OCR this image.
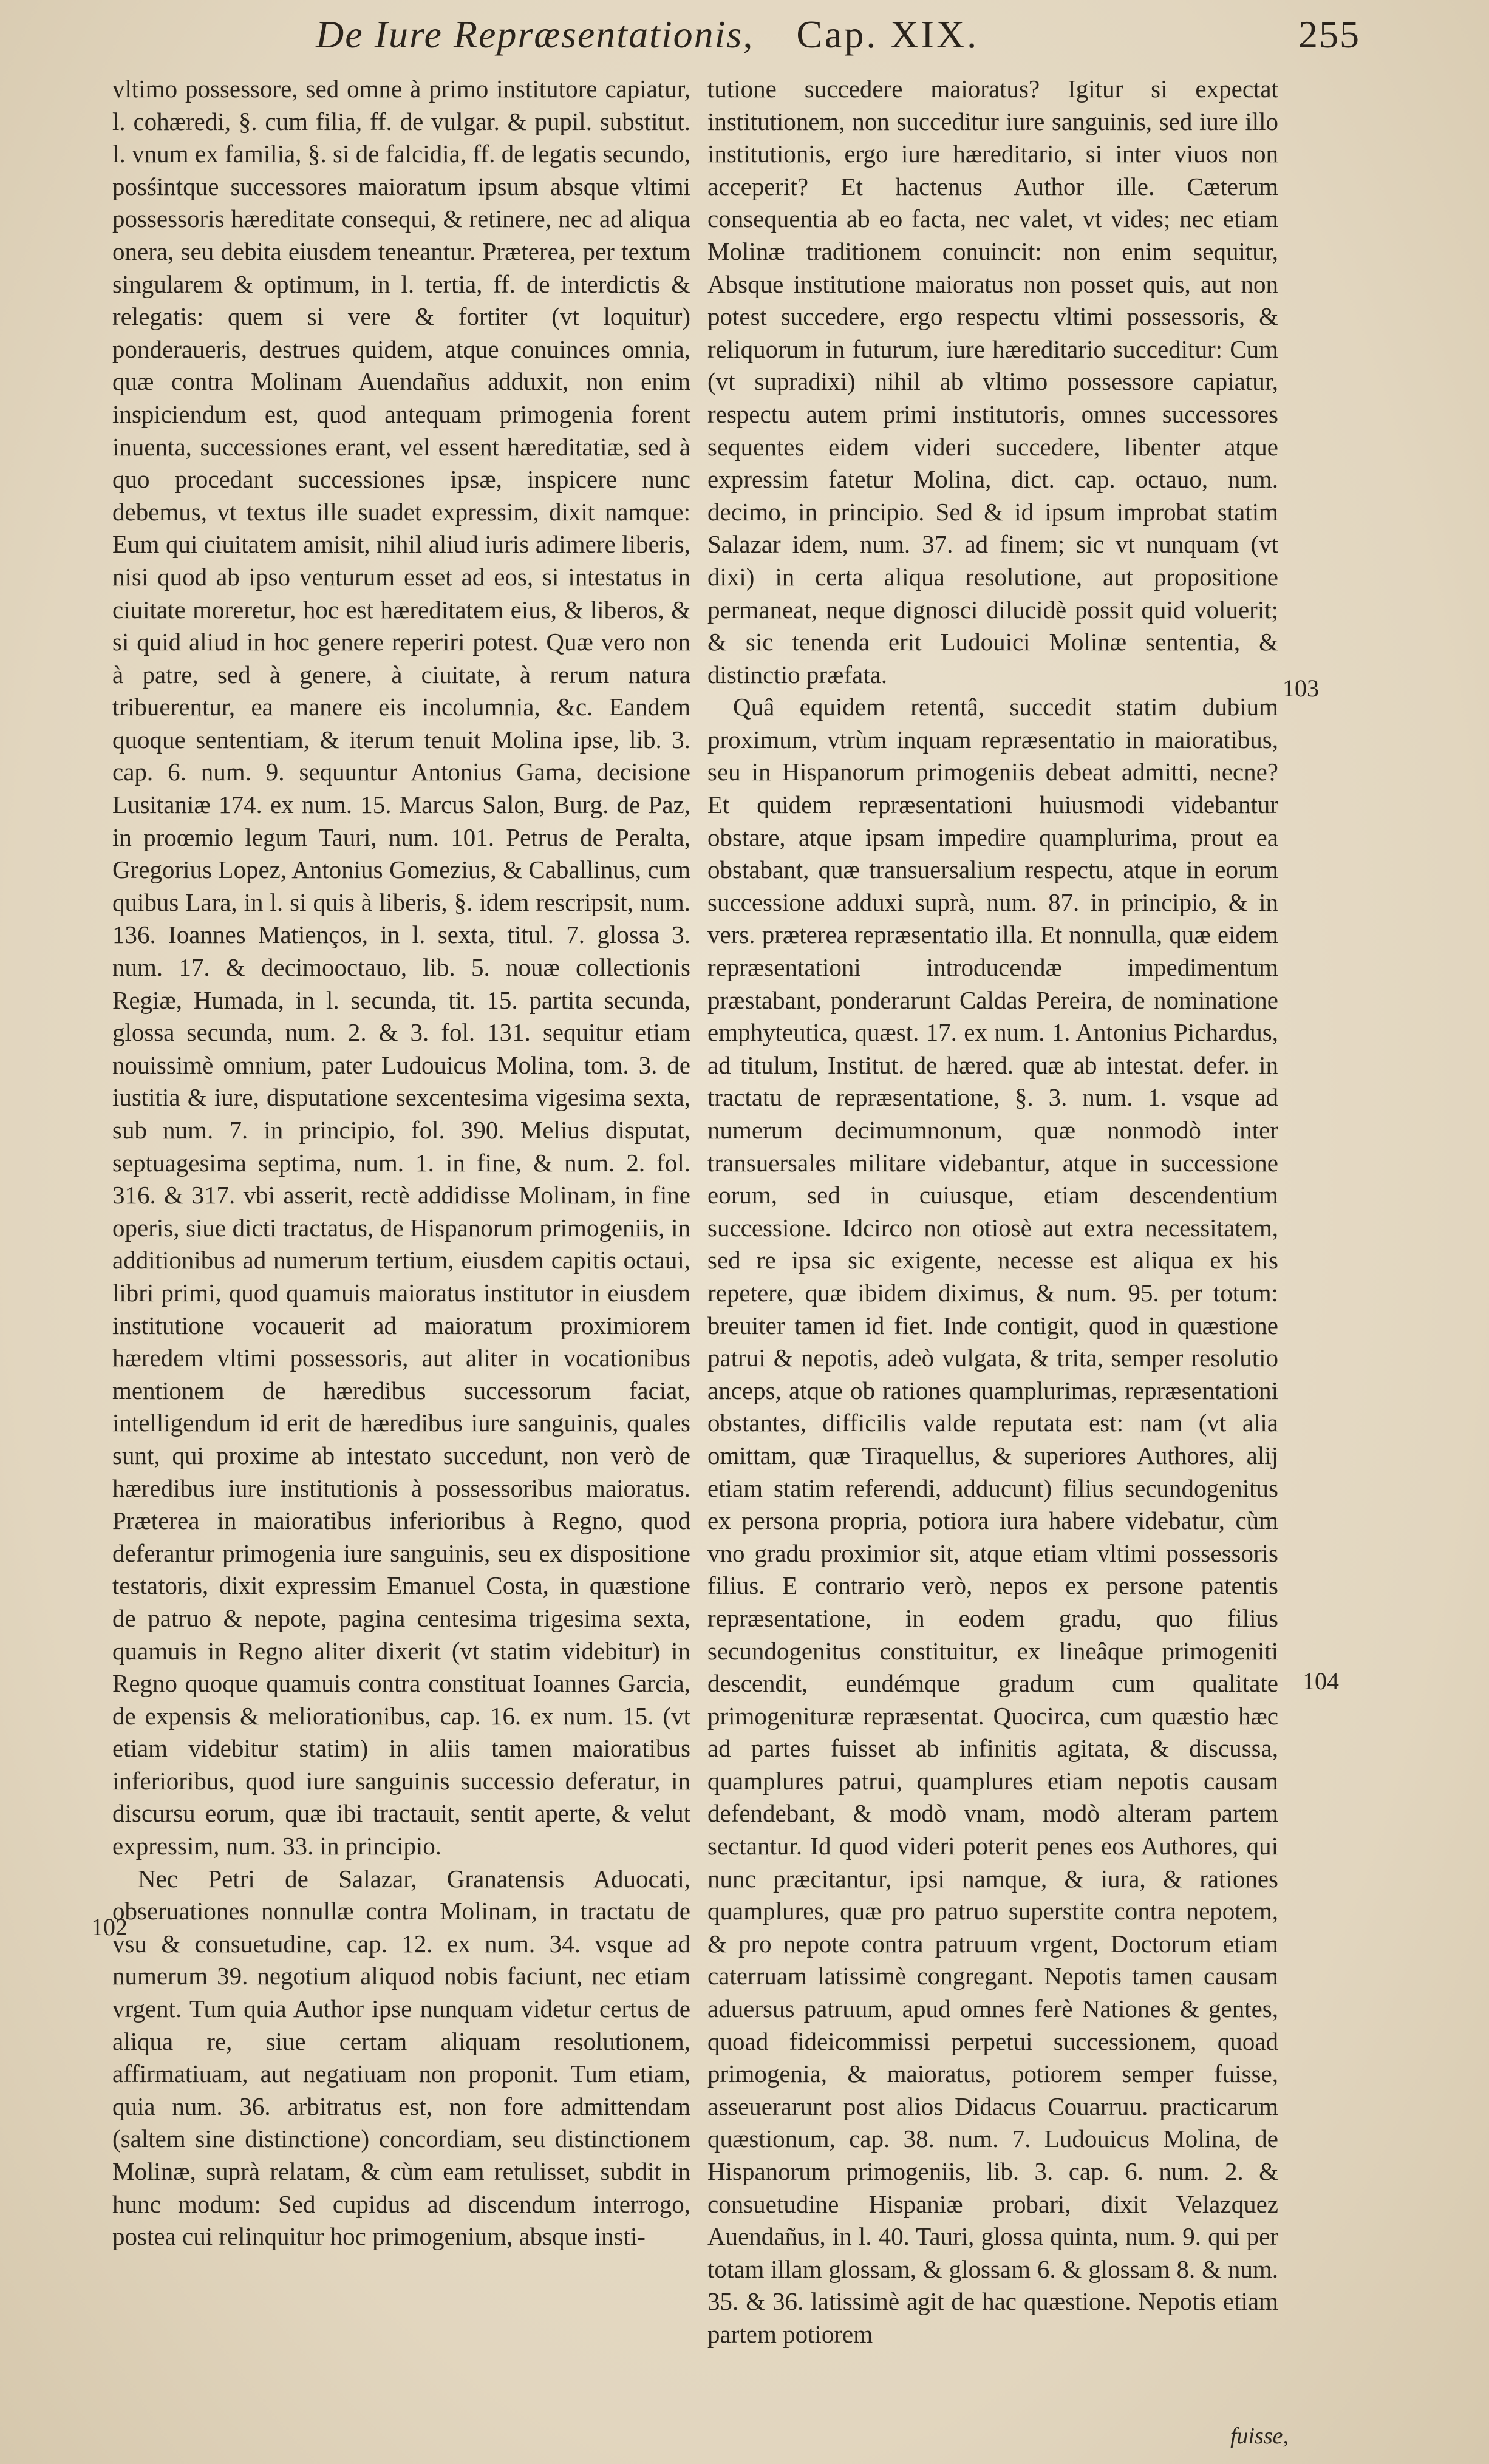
De Iure Repræsentationis, Cap. XIX.	255

vltimo possessore, sed omne à primo institutore capiatur, l. cohæredi, §. cum filia, ff. de vulgar. & pupil. substitut. l. vnum ex familia, §. si de falcidia, ff. de legatis secundo, posśintque successores maioratum ipsum absque vltimi possessoris hæreditate consequi, & retinere, nec ad aliqua onera, seu debita eiusdem teneantur. Præterea, per textum singularem & optimum, in l. tertia, ff. de interdictis & relegatis: quem si vere & fortiter (vt loquitur) ponderaueris, destrues quidem, atque conuinces omnia, quæ contra Molinam Auendañus adduxit, non enim inspiciendum est, quod antequam primogenia forent inuenta, successiones erant, vel essent hæreditatiæ, sed à quo procedant successiones ipsæ, inspicere nunc debemus, vt textus ille suadet expressim, dixit namque: Eum qui ciuitatem amisit, nihil aliud iuris adimere liberis, nisi quod ab ipso venturum esset ad eos, si intestatus in ciuitate moreretur, hoc est hæreditatem eius, & liberos, & si quid aliud in hoc genere reperiri potest. Quæ vero non à patre, sed à genere, à ciuitate, à rerum natura tribuerentur, ea manere eis incolumnia, &c. Eandem quoque sententiam, & iterum tenuit Molina ipse, lib. 3. cap. 6. num. 9. sequuntur Antonius Gama, decisione Lusitaniæ 174. ex num. 15. Marcus Salon, Burg. de Paz, in proœmio legum Tauri, num. 101. Petrus de Peralta, Gregorius Lopez, Antonius Gomezius, & Caballinus, cum quibus Lara, in l. si quis à liberis, §. idem rescripsit, num. 136. Ioannes Matienços, in l. sexta, titul. 7. glossa 3. num. 17. & decimooctauo, lib. 5. nouæ collectionis Regiæ, Humada, in l. secunda, tit. 15. partita secunda, glossa secunda, num. 2. & 3. fol. 131. sequitur etiam nouissimè omnium, pater Ludouicus Molina, tom. 3. de iustitia & iure, disputatione sexcentesima vigesima sexta, sub num. 7. in principio, fol. 390. Melius disputat, septuagesima septima, num. 1. in fine, & num. 2. fol. 316. & 317. vbi asserit, rectè addidisse Molinam, in fine operis, siue dicti tractatus, de Hispanorum primogeniis, in additionibus ad numerum tertium, eiusdem capitis octaui, libri primi, quod quamuis maioratus institutor in eiusdem institutione vocauerit ad maioratum proximiorem hæredem vltimi possessoris, aut aliter in vocationibus mentionem de hæredibus successorum faciat, intelligendum id erit de hæredibus iure sanguinis, quales sunt, qui proxime ab intestato succedunt, non verò de hæredibus iure institutionis à possessoribus maioratus. Præterea in maioratibus inferioribus à Regno, quod deferantur primogenia iure sanguinis, seu ex dispositione testatoris, dixit expressim Emanuel Costa, in quæstione de patruo & nepote, pagina centesima trigesima sexta, quamuis in Regno aliter dixerit (vt statim videbitur) in Regno quoque quamuis contra constituat Ioannes Garcia, de expensis & meliorationibus, cap. 16. ex num. 15. (vt etiam videbitur statim) in aliis tamen maioratibus inferioribus, quod iure sanguinis successio deferatur, in discursu eorum, quæ ibi tractauit, sentit aperte, & velut expressim, num. 33. in principio.

Nec Petri de Salazar, Granatensis Aduocati, obseruationes nonnullæ contra Molinam, in tractatu de vsu & consuetudine, cap. 12. ex num. 34. vsque ad numerum 39. negotium aliquod nobis faciunt, nec etiam vrgent. Tum quia Author ipse nunquam videtur certus de aliqua re, siue certam aliquam resolutionem, affirmatiuam, aut negatiuam non proponit. Tum etiam, quia num. 36. arbitratus est, non fore admittendam (saltem sine distinctione) concordiam, seu distinctionem Molinæ, suprà relatam, & cùm eam retulisset, subdit in hunc modum: Sed cupidus ad discendum interrogo, postea cui relinquitur hoc primogenium, absque insti-

102

tutione succedere maioratus? Igitur si expectat institutionem, non succeditur iure sanguinis, sed iure illo institutionis, ergo iure hæreditario, si inter viuos non acceperit? Et hactenus Author ille. Cæterum consequentia ab eo facta, nec valet, vt vides; nec etiam Molinæ traditionem conuincit: non enim sequitur, Absque institutione maioratus non posset quis, aut non potest succedere, ergo respectu vltimi possessoris, & reliquorum in futurum, iure hæreditario succeditur: Cum (vt supradixi) nihil ab vltimo possessore capiatur, respectu autem primi institutoris, omnes successores sequentes eidem videri succedere, libenter atque expressim fatetur Molina, dict. cap. octauo, num. decimo, in principio. Sed & id ipsum improbat statim Salazar idem, num. 37. ad finem; sic vt nunquam (vt dixi) in certa aliqua resolutione, aut propositione permaneat, neque dignosci dilucidè possit quid voluerit; & sic tenenda erit Ludouici Molinæ sententia, & distinctio præfata.

Quâ equidem retentâ, succedit statim dubium proximum, vtrùm inquam repræsentatio in maioratibus, seu in Hispanorum primogeniis debeat admitti, necne? Et quidem repræsentationi huiusmodi videbantur obstare, atque ipsam impedire quamplurima, prout ea obstabant, quæ transuersalium respectu, atque in eorum successione adduxi suprà, num. 87. in principio, & in vers. præterea repræsentatio illa. Et nonnulla, quæ eidem repræsentationi introducendæ impedimentum præstabant, ponderarunt Caldas Pereira, de nominatione emphyteutica, quæst. 17. ex num. 1. Antonius Pichardus, ad titulum, Institut. de hæred. quæ ab intestat. defer. in tractatu de repræsentatione, §. 3. num. 1. vsque ad numerum decimumnonum, quæ nonmodò inter transuersales militare videbantur, atque in successione eorum, sed in cuiusque, etiam descendentium successione. Idcirco non otiosè aut extra necessitatem, sed re ipsa sic exigente, necesse est aliqua ex his repetere, quæ ibidem diximus, & num. 95. per totum: breuiter tamen id fiet. Inde contigit, quod in quæstione patrui & nepotis, adeò vulgata, & trita, semper resolutio anceps, atque ob rationes quamplurimas, repræsentationi obstantes, difficilis valde reputata est: nam (vt alia omittam, quæ Tiraquellus, & superiores Authores, alij etiam statim referendi, adducunt) filius secundogenitus ex persona propria, potiora iura habere videbatur, cùm vno gradu proximior sit, atque etiam vltimi possessoris filius. E contrario verò, nepos ex persone patentis repræsentatione, in eodem gradu, quo filius secundogenitus constituitur, ex lineâque primogeniti descendit, eundémque gradum cum qualitate primogenituræ repræsentat. Quocirca, cum quæstio hæc ad partes fuisset ab infinitis agitata, & discussa, quamplures patrui, quamplures etiam nepotis causam defendebant, & modò vnam, modò alteram partem sectantur. Id quod videri poterit penes eos Authores, qui nunc præcitantur, ipsi namque, & iura, & rationes quamplures, quæ pro patruo superstite contra nepotem, & pro nepote contra patruum vrgent, Doctorum etiam caterruam latissimè congregant. Nepotis tamen causam aduersus patruum, apud omnes ferè Nationes & gentes, quoad fideicommissi perpetui successionem, quoad primogenia, & maioratus, potiorem semper fuisse, asseuerarunt post alios Didacus Couarruu. practicarum quæstionum, cap. 38. num. 7. Ludouicus Molina, de Hispanorum primogeniis, lib. 3. cap. 6. num. 2. & consuetudine Hispaniæ probari, dixit Velazquez Auendañus, in l. 40. Tauri, glossa quinta, num. 9. qui per totam illam glossam, & glossam 6. & glossam 8. & num. 35. & 36. latissimè agit de hac quæstione. Nepotis etiam partem potiorem

103
104
fuisse,
